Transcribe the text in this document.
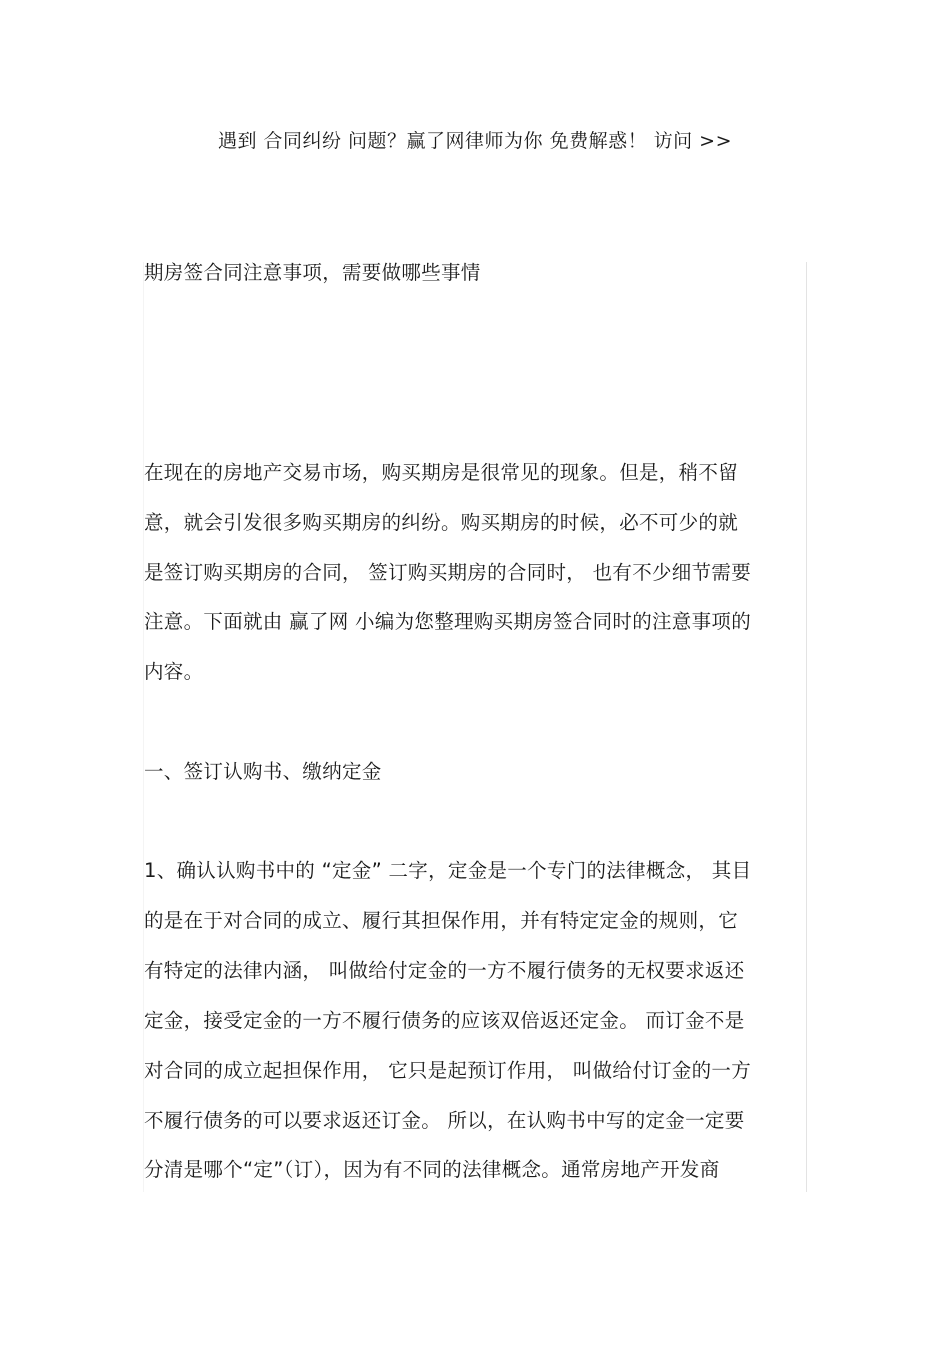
遇到 合同纠纷 问题？赢了网律师为你 免费解惑！ 访问 >>
期房签合同注意事项，需要做哪些事情
在现在的房地产交易市场，购买期房是很常见的现象。但是，稍不留
意，就会引发很多购买期房的纠纷。购买期房的时候，必不可少的就
是签订购买期房的合同， 签订购买期房的合同时， 也有不少细节需要
注意。下面就由 赢了网 小编为您整理购买期房签合同时的注意事项的
内容。
一、签订认购书、缴纳定金
1、确认认购书中的 “定金” 二字，定金是一个专门的法律概念， 其目
的是在于对合同的成立、履行其担保作用，并有特定定金的规则，它
有特定的法律内涵， 叫做给付定金的一方不履行债务的无权要求返还
定金，接受定金的一方不履行债务的应该双倍返还定金。 而订金不是
对合同的成立起担保作用， 它只是起预订作用， 叫做给付订金的一方
不履行债务的可以要求返还订金。 所以，在认购书中写的定金一定要
分清是哪个“定”（订），因为有不同的法律概念。通常房地产开发商
